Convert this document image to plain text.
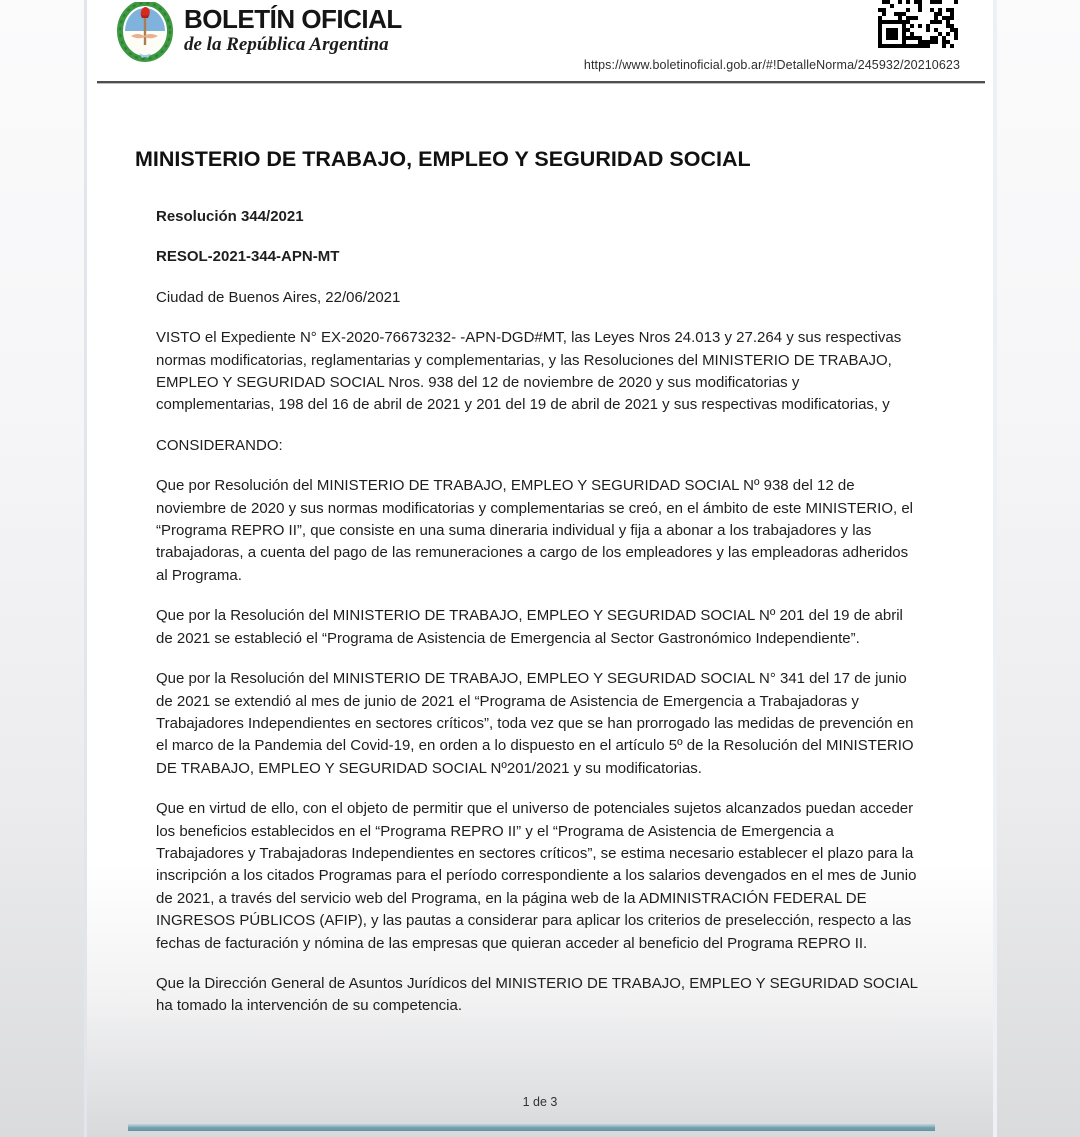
BOLETÍN OFICIAL
de la República Argentina
https://www.boletinoficial.gob.ar/#!DetalleNorma/245932/20210623
MINISTERIO DE TRABAJO, EMPLEO Y SEGURIDAD SOCIAL

Resolución 344/2021

RESOL-2021-344-APN-MT

Ciudad de Buenos Aires, 22/06/2021

VISTO el Expediente N° EX-2020-76673232- -APN-DGD#MT, las Leyes Nros 24.013 y 27.264 y sus respectivas normas modificatorias, reglamentarias y complementarias, y las Resoluciones del MINISTERIO DE TRABAJO, EMPLEO Y SEGURIDAD SOCIAL Nros. 938 del 12 de noviembre de 2020 y sus modificatorias y complementarias, 198 del 16 de abril de 2021 y 201 del 19 de abril de 2021 y sus respectivas modificatorias, y

CONSIDERANDO:

Que por Resolución del MINISTERIO DE TRABAJO, EMPLEO Y SEGURIDAD SOCIAL Nº 938 del 12 de noviembre de 2020 y sus normas modificatorias y complementarias se creó, en el ámbito de este MINISTERIO, el “Programa REPRO II”, que consiste en una suma dineraria individual y fija a abonar a los trabajadores y las trabajadoras, a cuenta del pago de las remuneraciones a cargo de los empleadores y las empleadoras adheridos al Programa.

Que por la Resolución del MINISTERIO DE TRABAJO, EMPLEO Y SEGURIDAD SOCIAL Nº 201 del 19 de abril de 2021 se estableció el “Programa de Asistencia de Emergencia al Sector Gastronómico Independiente”.

Que por la Resolución del MINISTERIO DE TRABAJO, EMPLEO Y SEGURIDAD SOCIAL N° 341 del 17 de junio de 2021 se extendió al mes de junio de 2021 el “Programa de Asistencia de Emergencia a Trabajadoras y Trabajadores Independientes en sectores críticos”, toda vez que se han prorrogado las medidas de prevención en el marco de la Pandemia del Covid-19, en orden a lo dispuesto en el artículo 5º de la Resolución del MINISTERIO DE TRABAJO, EMPLEO Y SEGURIDAD SOCIAL Nº201/2021 y su modificatorias.

Que en virtud de ello, con el objeto de permitir que el universo de potenciales sujetos alcanzados puedan acceder los beneficios establecidos en el “Programa REPRO II” y el “Programa de Asistencia de Emergencia a Trabajadores y Trabajadoras Independientes en sectores críticos”, se estima necesario establecer el plazo para la inscripción a los citados Programas para el período correspondiente a los salarios devengados en el mes de Junio de 2021, a través del servicio web del Programa, en la página web de la ADMINISTRACIÓN FEDERAL DE INGRESOS PÚBLICOS (AFIP), y las pautas a considerar para aplicar los criterios de preselección, respecto a las fechas de facturación y nómina de las empresas que quieran acceder al beneficio del Programa REPRO II.

Que la Dirección General de Asuntos Jurídicos del MINISTERIO DE TRABAJO, EMPLEO Y SEGURIDAD SOCIAL ha tomado la intervención de su competencia.

1 de 3
